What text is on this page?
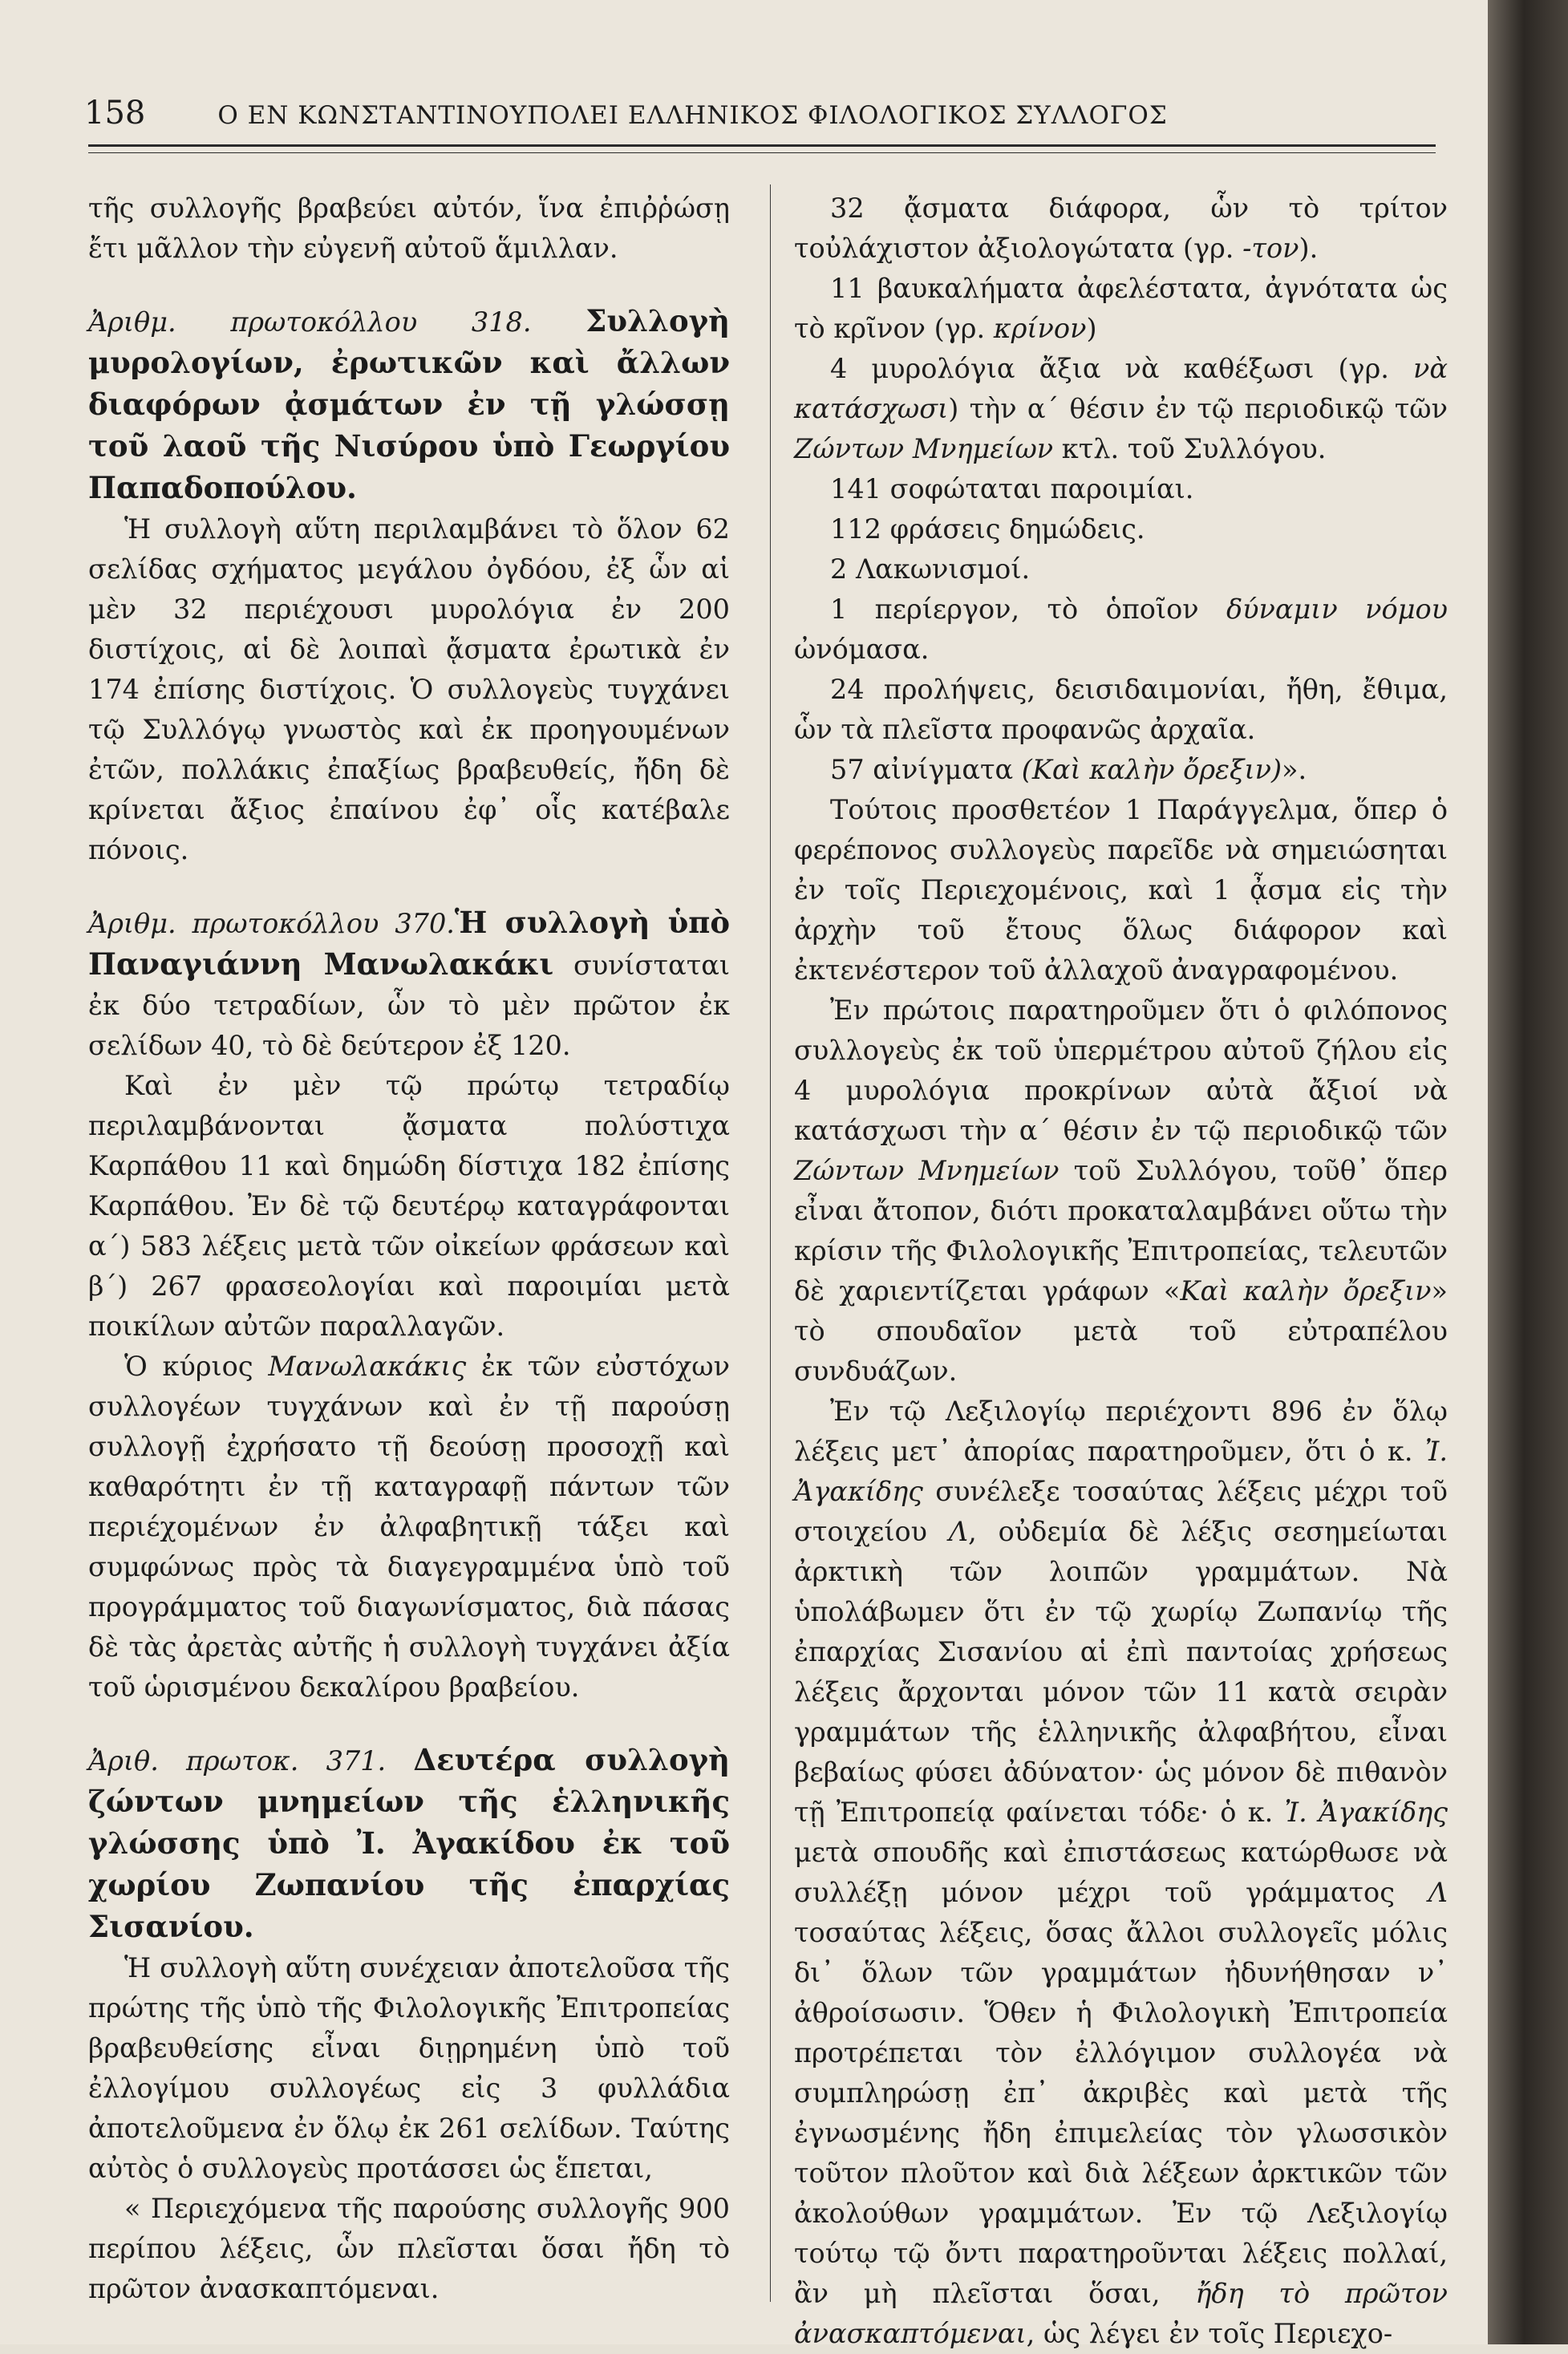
158	Ο ΕΝ ΚΩΝΣΤΑΝΤΙΝΟΥΠΟΛΕΙ ΕΛΛΗΝΙΚΟΣ ΦΙΛΟΛΟΓΙΚΟΣ ΣΥΛΛΟΓΟΣ

τῆς συλλογῆς βραβεύει αὐτόν, ἵνα ἐπιῤῥώσῃ ἔτι μᾶλλον τὴν εὐγενῆ αὐτοῦ ἅμιλλαν.

Ἀριθμ. πρωτοκόλλου 318. Συλλογὴ μυρολογίων, ἐρωτικῶν καὶ ἄλλων διαφόρων ᾀσμάτων ἐν τῇ γλώσσῃ τοῦ λαοῦ τῆς Νισύρου ὑπὸ Γεωργίου Παπαδοπούλου.

Ἡ συλλογὴ αὕτη περιλαμβάνει τὸ ὅλον 62 σελίδας σχήματος μεγάλου ὀγδόου, ἐξ ὧν αἱ μὲν 32 περιέχουσι μυρολόγια ἐν 200 διστίχοις, αἱ δὲ λοιπαὶ ᾄσματα ἐρωτικὰ ἐν 174 ἐπίσης διστίχοις. Ὁ συλλογεὺς τυγχάνει τῷ Συλλόγῳ γνωστὸς καὶ ἐκ προηγουμένων ἐτῶν, πολλάκις ἐπαξίως βραβευθείς, ἤδη δὲ κρίνεται ἄξιος ἐπαίνου ἐφ᾽ οἷς κατέβαλε πόνοις.

Ἀριθμ. πρωτοκόλλου 370.Ἡ συλλογὴ ὑπὸ Παναγιάννη Μανωλακάκι συνίσταται ἐκ δύο τετραδίων, ὧν τὸ μὲν πρῶτον ἐκ σελίδων 40, τὸ δὲ δεύτερον ἐξ 120.

Καὶ ἐν μὲν τῷ πρώτῳ τετραδίῳ περιλαμβάνονται ᾄσματα πολύστιχα Καρπάθου 11 καὶ δημώδη δίστιχα 182 ἐπίσης Καρπάθου. Ἐν δὲ τῷ δευτέρῳ καταγράφονται α΄) 583 λέξεις μετὰ τῶν οἰκείων φράσεων καὶ β΄) 267 φρασεολογίαι καὶ παροιμίαι μετὰ ποικίλων αὐτῶν παραλλαγῶν.

Ὁ κύριος Μανωλακάκις ἐκ τῶν εὐστόχων συλλογέων τυγχάνων καὶ ἐν τῇ παρούσῃ συλλογῇ ἐχρήσατο τῇ δεούσῃ προσοχῇ καὶ καθαρότητι ἐν τῇ καταγραφῇ πάντων τῶν περιέχομένων ἐν ἀλφαβητικῇ τάξει καὶ συμφώνως πρὸς τὰ διαγεγραμμένα ὑπὸ τοῦ προγράμματος τοῦ διαγωνίσματος, διὰ πάσας δὲ τὰς ἀρετὰς αὐτῆς ἡ συλλογὴ τυγχάνει ἀξία τοῦ ὡρισμένου δεκαλίρου βραβείου.

Ἀριθ. πρωτοκ. 371. Δευτέρα συλλογὴ ζώντων μνημείων τῆς ἑλληνικῆς γλώσσης ὑπὸ Ἰ. Ἀγακίδου ἐκ τοῦ χωρίου Ζωπανίου τῆς ἐπαρχίας Σισανίου.

Ἡ συλλογὴ αὕτη συνέχειαν ἀποτελοῦσα τῆς πρώτης τῆς ὑπὸ τῆς Φιλολογικῆς Ἐπιτροπείας βραβευθείσης εἶναι διῃρημένη ὑπὸ τοῦ ἐλλογίμου συλλογέως εἰς 3 φυλλάδια ἀποτελοῦμενα ἐν ὅλῳ ἐκ 261 σελίδων. Ταύτης αὐτὸς ὁ συλλογεὺς προτάσσει ὡς ἕπεται,

« Περιεχόμενα τῆς παρούσης συλλογῆς 900 περίπου λέξεις, ὧν πλεῖσται ὅσαι ἤδη τὸ πρῶτον ἀνασκαπτόμεναι.

32 ᾄσματα διάφορα, ὧν τὸ τρίτον τοὐλάχιστον ἀξιολογώτατα (γρ. -τον).

11 βαυκαλήματα ἀφελέστατα, ἀγνότατα ὡς τὸ κρῖνον (γρ. κρίνον)

4 μυρολόγια ἄξια νὰ καθέξωσι (γρ. νὰ κατάσχωσι) τὴν α΄ θέσιν ἐν τῷ περιοδικῷ τῶν Ζώντων Μνημείων κτλ. τοῦ Συλλόγου.

141 σοφώταται παροιμίαι.

112 φράσεις δημώδεις.

2 Λακωνισμοί.

1 περίεργον, τὸ ὁποῖον δύναμιν νόμου ὠνόμασα.

24 προλήψεις, δεισιδαιμονίαι, ἤθη, ἔθιμα, ὧν τὰ πλεῖστα προφανῶς ἀρχαῖα.

57 αἰνίγματα (Καὶ καλὴν ὄρεξιν)».

Τούτοις προσθετέον 1 Παράγγελμα, ὅπερ ὁ φερέπονος συλλογεὺς παρεῖδε νὰ σημειώσηται ἐν τοῖς Περιεχομένοις, καὶ 1 ᾆσμα εἰς τὴν ἀρχὴν τοῦ ἔτους ὅλως διάφορον καὶ ἐκτενέστερον τοῦ ἀλλαχοῦ ἀναγραφομένου.

Ἐν πρώτοις παρατηροῦμεν ὅτι ὁ φιλόπονος συλλογεὺς ἐκ τοῦ ὑπερμέτρου αὐτοῦ ζήλου εἰς 4 μυρολόγια προκρίνων αὐτὰ ἄξιοί νὰ κατάσχωσι τὴν α΄ θέσιν ἐν τῷ περιοδικῷ τῶν Ζώντων Μνημείων τοῦ Συλλόγου, τοῦθ᾽ ὅπερ εἶναι ἄτοπον, διότι προκαταλαμβάνει οὕτω τὴν κρίσιν τῆς Φιλολογικῆς Ἐπιτροπείας, τελευτῶν δὲ χαριεντίζεται γράφων «Καὶ καλὴν ὄρεξιν» τὸ σπουδαῖον μετὰ τοῦ εὐτραπέλου συνδυάζων.

Ἐν τῷ Λεξιλογίῳ περιέχοντι 896 ἐν ὅλῳ λέξεις μετ᾽ ἀπορίας παρατηροῦμεν, ὅτι ὁ κ. Ἰ. Ἀγακίδης συνέλεξε τοσαύτας λέξεις μέχρι τοῦ στοιχείου Λ, οὐδεμία δὲ λέξις σεσημείωται ἀρκτικὴ τῶν λοιπῶν γραμμάτων. Νὰ ὑπολάβωμεν ὅτι ἐν τῷ χωρίῳ Ζωπανίῳ τῆς ἐπαρχίας Σισανίου αἱ ἐπὶ παντοίας χρήσεως λέξεις ἄρχονται μόνον τῶν 11 κατὰ σειρὰν γραμμάτων τῆς ἑλληνικῆς ἀλφαβήτου, εἶναι βεβαίως φύσει ἀδύνατον· ὡς μόνον δὲ πιθανὸν τῇ Ἐπιτροπείᾳ φαίνεται τόδε· ὁ κ. Ἰ. Ἀγακίδης μετὰ σπουδῆς καὶ ἐπιστάσεως κατώρθωσε νὰ συλλέξῃ μόνον μέχρι τοῦ γράμματος Λ τοσαύτας λέξεις, ὅσας ἄλλοι συλλογεῖς μόλις δι᾽ ὅλων τῶν γραμμάτων ἠδυνήθησαν ν᾽ ἀθροίσωσιν. Ὅθεν ἡ Φιλολογικὴ Ἐπιτροπεία προτρέπεται τὸν ἐλλόγιμον συλλογέα νὰ συμπληρώσῃ ἐπ᾽ ἀκριβὲς καὶ μετὰ τῆς ἐγνωσμένης ἤδη ἐπιμελείας τὸν γλωσσικὸν τοῦτον πλοῦτον καὶ διὰ λέξεων ἀρκτικῶν τῶν ἀκολούθων γραμμάτων. Ἐν τῷ Λεξιλογίῳ τούτῳ τῷ ὄντι παρατηροῦνται λέξεις πολλαί, ἂν μὴ πλεῖσται ὅσαι, ἤδη τὸ πρῶτον ἀνασκαπτόμεναι, ὡς λέγει ἐν τοῖς Περιεχο-
